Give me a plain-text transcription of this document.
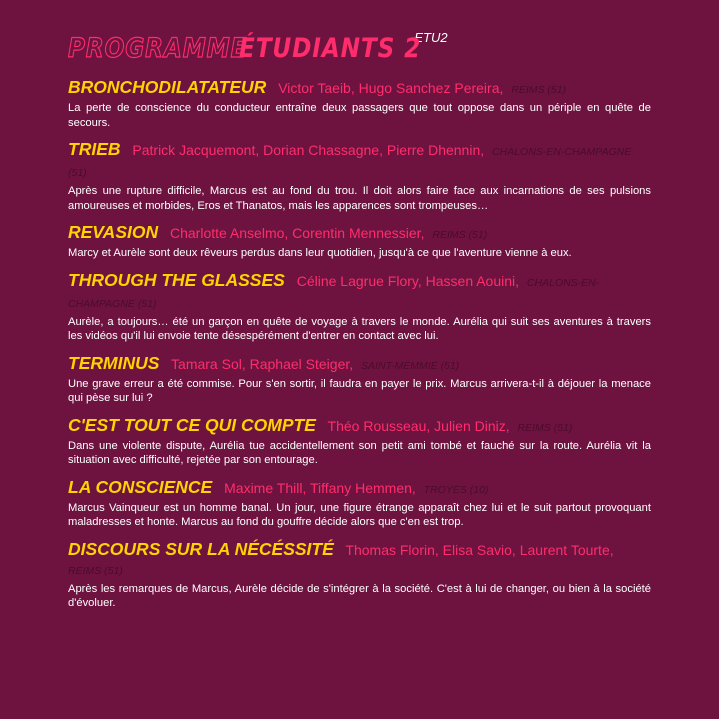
PROGRAMME
ÉTUDIANTS 2
ETU2
BRONCHODILATATEUR Victor Taeib, Hugo Sanchez Pereira, REIMS (51)
La perte de conscience du conducteur entraîne deux passagers que tout oppose dans un périple en quête de secours.
TRIEB Patrick Jacquemont, Dorian Chassagne, Pierre Dhennin, CHALONS-EN-CHAMPAGNE (51)
Après une rupture difficile, Marcus est au fond du trou. Il doit alors faire face aux incarnations de ses pulsions amoureuses et morbides, Eros et Thanatos, mais les apparences sont trompeuses…
REVASION Charlotte Anselmo, Corentin Mennessier, REIMS (51)
Marcy et Aurèle sont deux rêveurs perdus dans leur quotidien, jusqu'à ce que l'aventure vienne à eux.
THROUGH THE GLASSES Céline Lagrue Flory, Hassen Aouini, CHALONS-EN-CHAMPAGNE (51)
Aurèle, a toujours… été un garçon en quête de voyage à travers le monde. Aurélia qui suit ses aventures à travers les vidéos qu'il lui envoie tente désespérément d'entrer en contact avec lui.
TERMINUS Tamara Sol, Raphael Steiger, SAINT-MEMMIE (51)
Une grave erreur a été commise. Pour s'en sortir, il faudra en payer le prix. Marcus arrivera-t-il à déjouer la menace qui pèse sur lui ?
C'EST TOUT CE QUI COMPTE Théo Rousseau, Julien Diniz, REIMS (51)
Dans une violente dispute, Aurélia tue accidentellement son petit ami tombé et fauché sur la route. Aurélia vit la situation avec difficulté, rejetée par son entourage.
LA CONSCIENCE Maxime Thill, Tiffany Hemmen, TROYES (10)
Marcus Vainqueur est un homme banal. Un jour, une figure étrange apparaît chez lui et le suit partout provoquant maladresses et honte. Marcus au fond du gouffre décide alors que c'en est trop.
DISCOURS SUR LA NÉCÉSSITÉ Thomas Florin, Elisa Savio, Laurent Tourte, REIMS (51)
Après les remarques de Marcus, Aurèle décide de s'intégrer à la société. C'est à lui de changer, ou bien à la société d'évoluer.
